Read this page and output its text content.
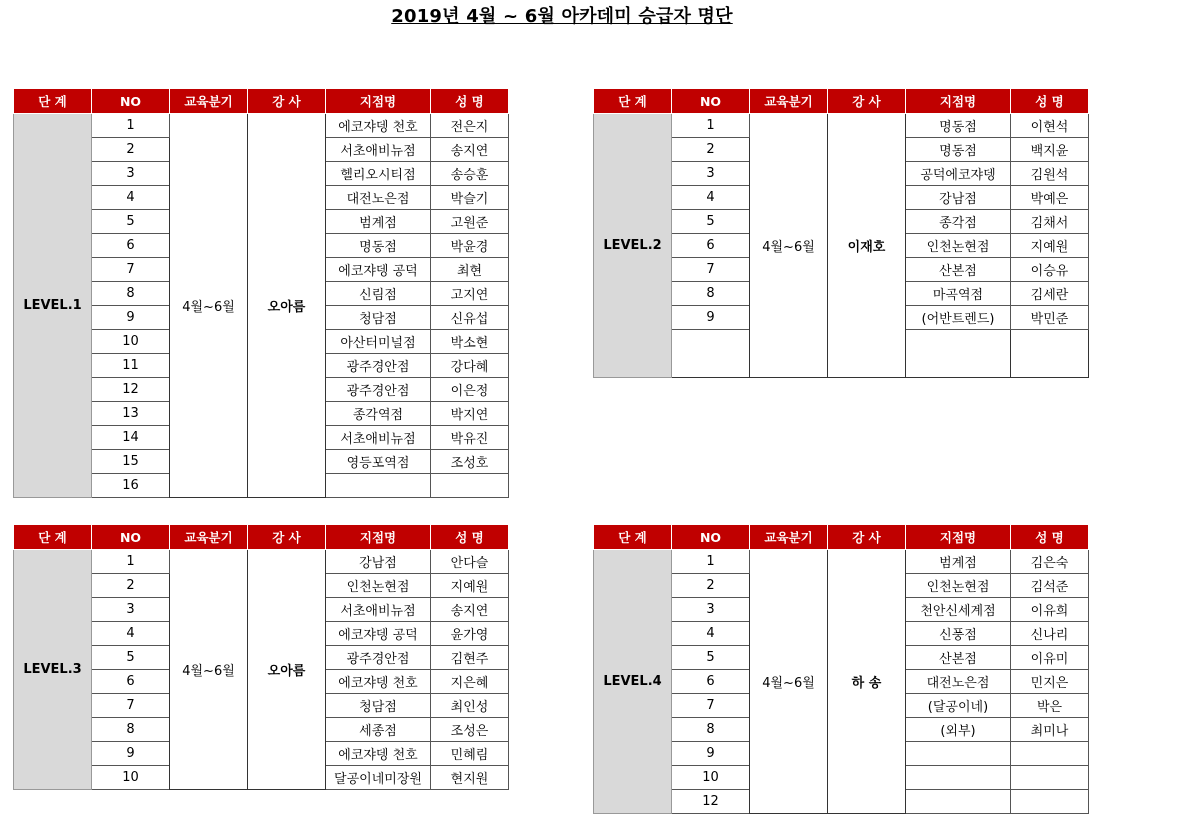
2019년 4월 ~ 6월 아카데미 승급자 명단
단 계	NO	교육분기	강 사	지점명	성 명
LEVEL.1	1	4월~6월	오아름	에코쟈뎅 천호	전은지
	2			서초애비뉴점	송지연
	3			헬리오시티점	송승훈
	4			대전노은점	박슬기
	5			범계점	고원준
	6			명동점	박윤경
	7			에코쟈뎅 공덕	최현
	8			신림점	고지연
	9			청담점	신유섭
	10			아산터미널점	박소현
	11			광주경안점	강다혜
	12			광주경안점	이은정
	13			종각역점	박지연
	14			서초애비뉴점	박유진
	15			영등포역점	조성호
	16				
단 계	NO	교육분기	강 사	지점명	성 명
LEVEL.2	1	4월~6월	이재호	명동점	이현석
	2			명동점	백지윤
	3			공덕에코쟈뎅	김원석
	4			강남점	박예은
	5			종각점	김채서
	6			인천논현점	지예원
	7			산본점	이승유
	8			마곡역점	김세란
	9			(어반트렌드)	박민준

단 계	NO	교육분기	강 사	지점명	성 명
LEVEL.3	1	4월~6월	오아름	강남점	안다슬
	2			인천논현점	지예원
	3			서초애비뉴점	송지연
	4			에코쟈뎅 공덕	윤가영
	5			광주경안점	김현주
	6			에코쟈뎅 천호	지은혜
	7			청담점	최인성
	8			세종점	조성은
	9			에코쟈뎅 천호	민혜림
	10			달공이네미장원	현지원
단 계	NO	교육분기	강 사	지점명	성 명
LEVEL.4	1	4월~6월	하 송	범계점	김은숙
	2			인천논현점	김석준
	3			천안신세계점	이유희
	4			신풍점	신나리
	5			산본점	이유미
	6			대전노은점	민지은
	7			(달공이네)	박은
	8			(외부)	최미나
	9				
	10				
	12				
